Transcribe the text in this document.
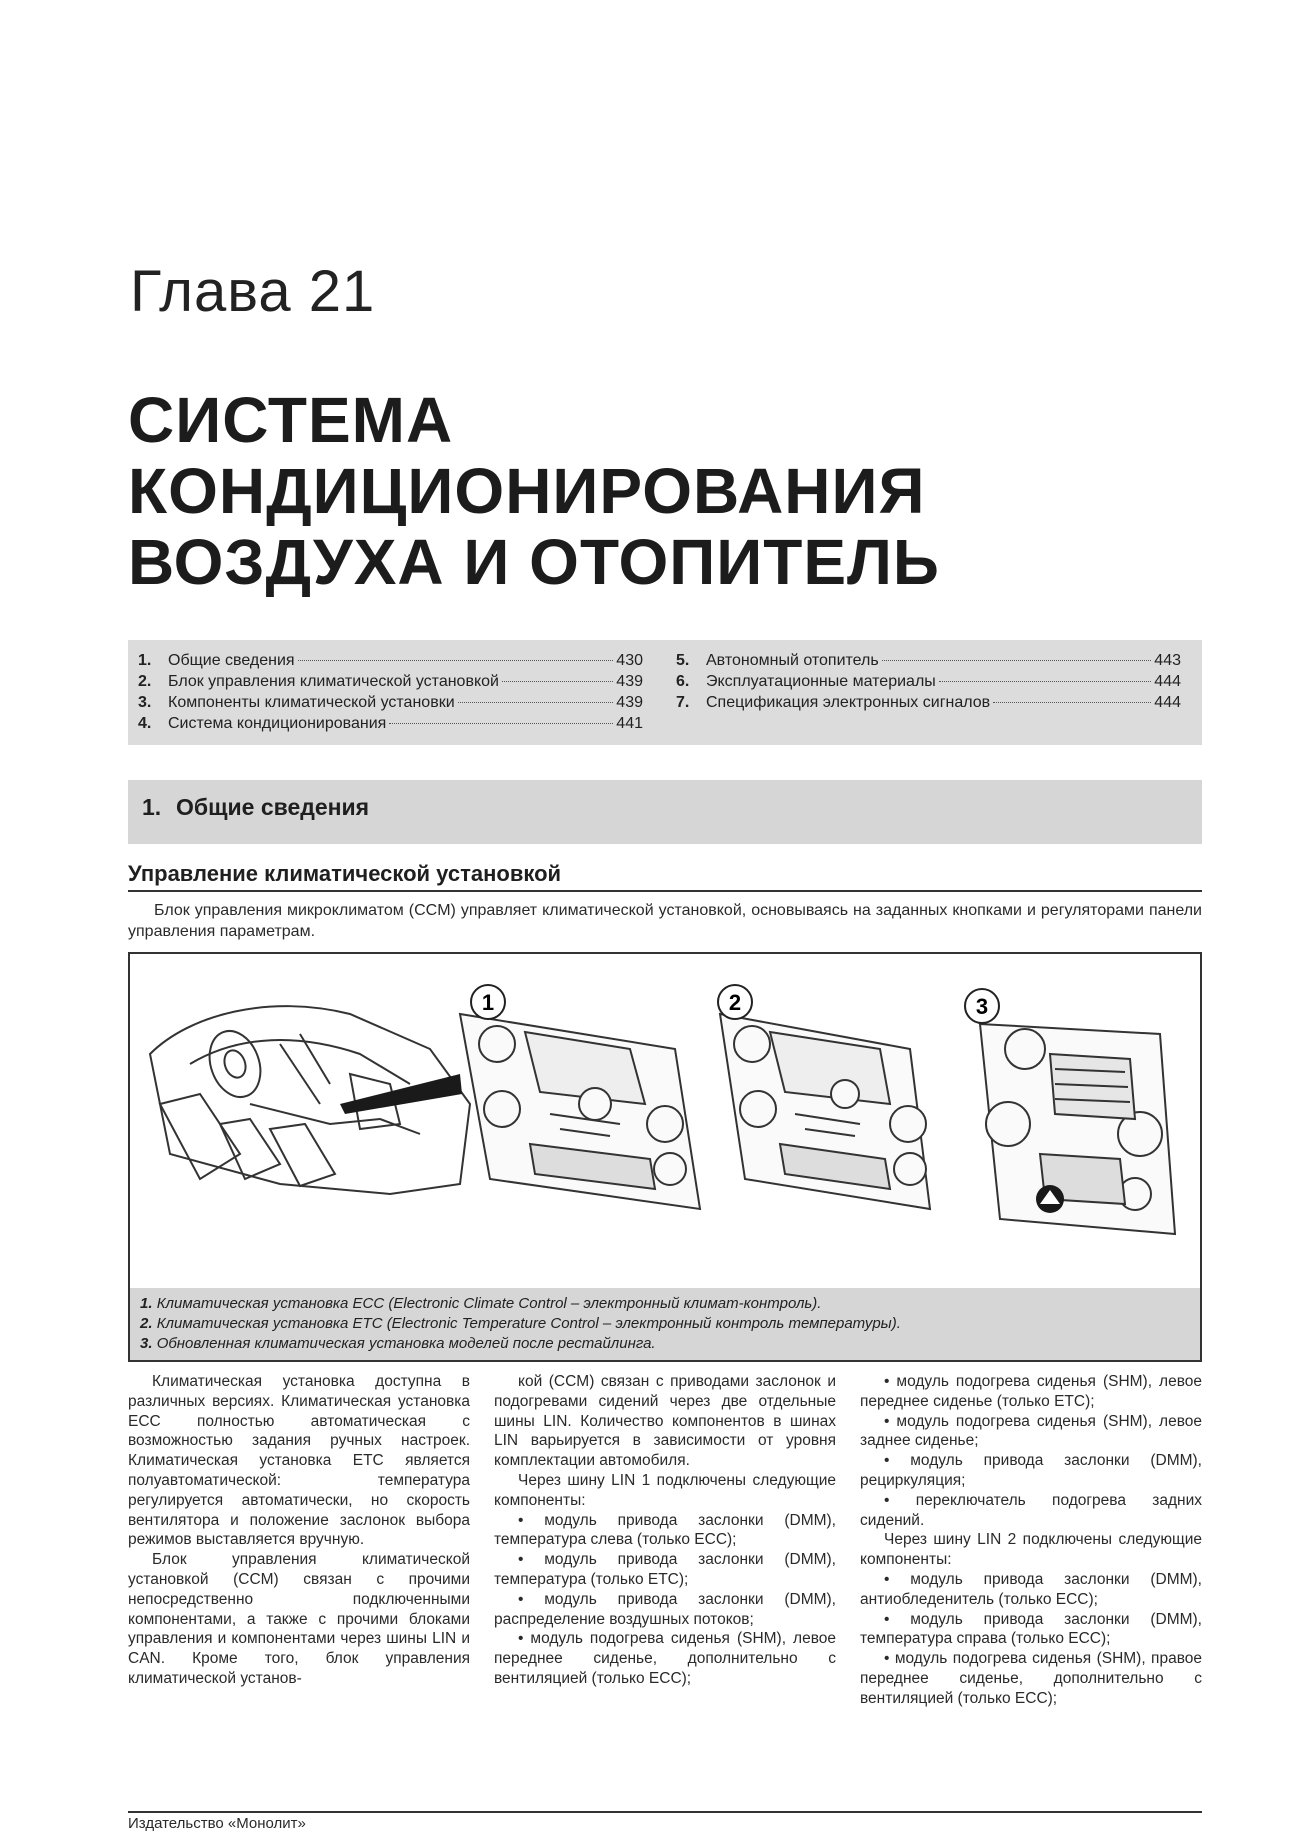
Глава 21
СИСТЕМА
КОНДИЦИОНИРОВАНИЯ
ВОЗДУХА И ОТОПИТЕЛЬ
1.	Общие сведения	430
2.	Блок управления климатической установкой	439
3.	Компоненты климатической установки	439
4.	Система кондиционирования	441
5.	Автономный отопитель	443
6.	Эксплуатационные материалы	444
7.	Спецификация электронных сигналов	444
1. Общие сведения
Управление климатической установкой

Блок управления микроклиматом (CCM) управляет климатической установкой, основываясь на заданных кнопками и регуляторами панели управления параметрам.

1	2	3
1. Климатическая установка ECC (Electronic Climate Control – электронный климат-контроль).
2. Климатическая установка ETC (Electronic Temperature Control – электронный контроль температуры).
3. Обновленная климатическая установка моделей после рестайлинга.

Климатическая установка доступна в различных версиях. Климатическая установка ECC полностью автоматическая с возможностью задания ручных настроек. Климатическая установка ETC является полуавтоматической: температура регулируется автоматически, но скорость вентилятора и положение заслонок выбора режимов выставляется вручную.

Блок управления климатической установкой (CCM) связан с прочими непосредственно подключенными компонентами, а также с прочими блоками управления и компонентами через шины LIN и CAN. Кроме того, блок управления климатической установ-

кой (CCM) связан с приводами заслонок и подогревами сидений через две отдельные шины LIN. Количество компонентов в шинах LIN варьируется в зависимости от уровня комплектации автомобиля.

Через шину LIN 1 подключены следующие компоненты:

• модуль привода заслонки (DMM), температура слева (только ECC);

• модуль привода заслонки (DMM), температура (только ETC);

• модуль привода заслонки (DMM), распределение воздушных потоков;

• модуль подогрева сиденья (SHM), левое переднее сиденье, дополнительно с вентиляцией (только ECC);

• модуль подогрева сиденья (SHM), левое переднее сиденье (только ETC);

• модуль подогрева сиденья (SHM), левое заднее сиденье;

• модуль привода заслонки (DMM), рециркуляция;

• переключатель подогрева задних сидений.

Через шину LIN 2 подключены следующие компоненты:

• модуль привода заслонки (DMM), антиобледенитель (только ECC);

• модуль привода заслонки (DMM), температура справа (только ECC);

• модуль подогрева сиденья (SHM), правое переднее сиденье, дополнительно с вентиляцией (только ECC);

Издательство «Монолит»
